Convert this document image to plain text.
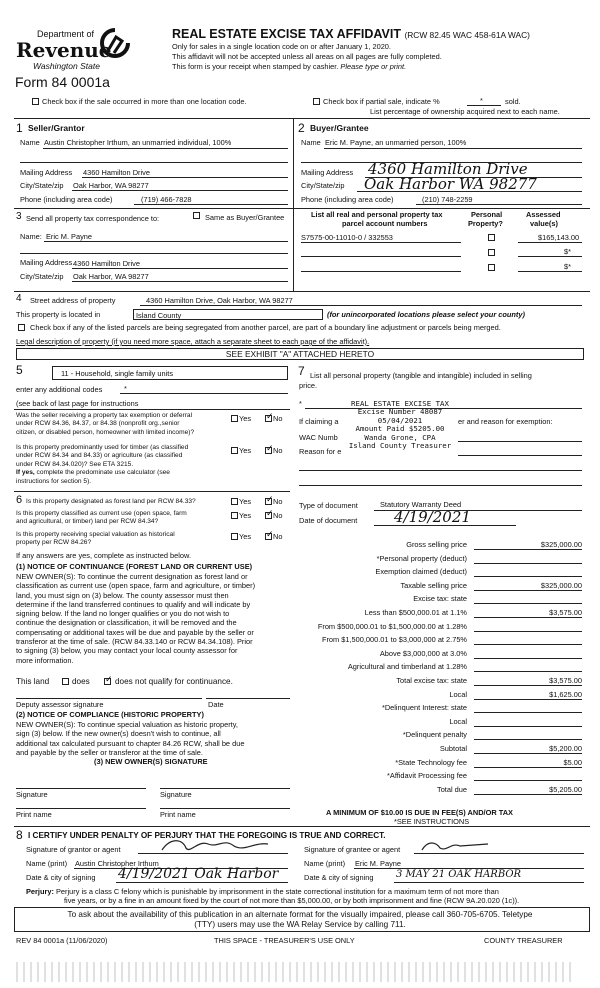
Department of
Revenue
Washington State
Form 84 0001a
REAL ESTATE EXCISE TAX AFFIDAVIT (RCW 82.45 WAC 458-61A WAC)
Only for sales in a single location code on or after January 1, 2020.
This affidavit will not be accepted unless all areas on all pages are fully completed.
This form is your receipt when stamped by cashier. Please type or print.
Check box if the sale occurred in more than one location code.	Check box if partial sale, indicate %	*	sold.
List percentage of ownership acquired next to each name.
1 Seller/Grantor
Name Austin Christopher Irthum, an unmarried individual, 100%
Mailing Address 4360 Hamilton Drive
City/State/zip Oak Harbor, WA 98277
Phone (including area code)	(719) 466-7828
2 Buyer/Grantee
Name Eric M. Payne, an unmarried person, 100%
Mailing Address 4360 Hamilton Drive
City/State/zip Oak Harbor WA 98277
Phone (including area code)	(210) 748-2259
3 Send all property tax correspondence to:	Same as Buyer/Grantee
Name: Eric M. Payne
Mailing Address 4360 Hamilton Drive
City/State/zip Oak Harbor, WA 98277
List all real and personal property tax
parcel account numbers
Personal
Property?
Assessed
value(s)
S7575-00-11010-0 / 332553	$165,143.00
$*
$*
4 Street address of property	4360 Hamilton Drive, Oak Harbor, WA 98277
This property is located in	Island County	(for unincorporated locations please select your county)
Check box if any of the listed parcels are being segregated from another parcel, are part of a boundary line adjustment or parcels being merged.
Legal description of property (if you need more space, attach a separate sheet to each page of the affidavit).
SEE EXHIBIT "A" ATTACHED HERETO
5	11 - Household, single family units
enter any additional codes	*
(see back of last page for instructions
Was the seller receiving a property tax exemption or deferral
under RCW 84.36, 84.37, or 84.38 (nonprofit org.,senior
citizen, or disabled person, homeowner with limited income)?
Yes ✓ No
Is this property predominantly used for timber (as classified
under RCW 84.34 and 84.33) or agriculture (as classified
under RCW 84.34.020)? See ETA 3215.
If yes, complete the predominate use calculator (see
instructions for section 5).
Yes ✓ No
6 Is this property designated as forest land per RCW 84.33?	Yes ✓ No
Is this property classified as current use (open space, farm
and agricultural, or timber) land per RCW 84.34?
Yes ✓ No
Is this property receiving special valuation as historical
property per RCW 84.26?
Yes ✓ No
If any answers are yes, complete as instructed below.
(1) NOTICE OF CONTINUANCE (FOREST LAND OR CURRENT USE)
NEW OWNER(S): To continue the current designation as forest land or
classification as current use (open space, farm and agriculture, or timber)
land, you must sign on (3) below. The county assessor must then
determine if the land transferred continues to qualify and will indicate by
signing below. If the land no longer qualifies or you do not wish to
continue the designation or classification, it will be removed and the
compensating or additional taxes will be due and payable by the seller or
transferor at the time of sale. (RCW 84.33.140 or RCW 84.34.108). Prior
to signing (3) below, you may contact your local county assessor for
more information.
This land	does ✓ does not qualify for continuance.
Deputy assessor signature	Date
(2) NOTICE OF COMPLIANCE (HISTORIC PROPERTY)
NEW OWNER(S): To continue special valuation as historic property,
sign (3) below. If the new owner(s) doesn't wish to continue, all
additional tax calculated pursuant to chapter 84.26 RCW, shall be due
and payable by the seller or transferor at the time of sale.
(3) NEW OWNER(S) SIGNATURE
Signature	Signature
Print name	Print name
7 List all personal property (tangible and intangible) included in selling
price.
*
If claiming a	er and reason for exemption:
WAC Numb
Reason for e
REAL ESTATE EXCISE TAX
Excise Number 48087
05/04/2021
Amount Paid $5205.00
Wanda Grone, CPA
Island County Treasurer
Type of document	Statutory Warranty Deed
Date of document 4/19/2021
Gross selling price	$325,000.00
*Personal property (deduct)
Exemption claimed (deduct)
Taxable selling price	$325,000.00
Excise tax: state
Less than $500,000.01 at 1.1%	$3,575.00
From $500,000.01 to $1,500,000.00 at 1.28%
From $1,500,000.01 to $3,000,000 at 2.75%
Above $3,000,000 at 3.0%
Agricultural and timberland at 1.28%
Total excise tax: state	$3,575.00
Local	$1,625.00
*Delinquent Interest: state
Local
*Delinquent penalty
Subtotal	$5,200.00
*State Technology fee	$5.00
*Affidavit Processing fee
Total due	$5,205.00
A MINIMUM OF $10.00 IS DUE IN FEE(S) AND/OR TAX
*SEE INSTRUCTIONS
8 I CERTIFY UNDER PENALTY OF PERJURY THAT THE FOREGOING IS TRUE AND CORRECT.
Signature of grantor or agent
Name (print) Austin Christopher Irthum
Date & city of signing 4/19/2021 Oak Harbor
Signature of grantee or agent
Name (print) Eric M. Payne
Date & city of signing 3 MAY 21 OAK HARBOR
Perjury: Perjury is a class C felony which is punishable by imprisonment in the state correctional institution for a maximum term of not more than
five years, or by a fine in an amount fixed by the court of not more than $5,000.00, or by both imprisonment and fine (RCW 9A.20.020 (1c)).
To ask about the availability of this publication in an alternate format for the visually impaired, please call 360-705-6705. Teletype
(TTY) users may use the WA Relay Service by calling 711.
REV 84 0001a (11/06/2020)	THIS SPACE - TREASURER'S USE ONLY	COUNTY TREASURER
